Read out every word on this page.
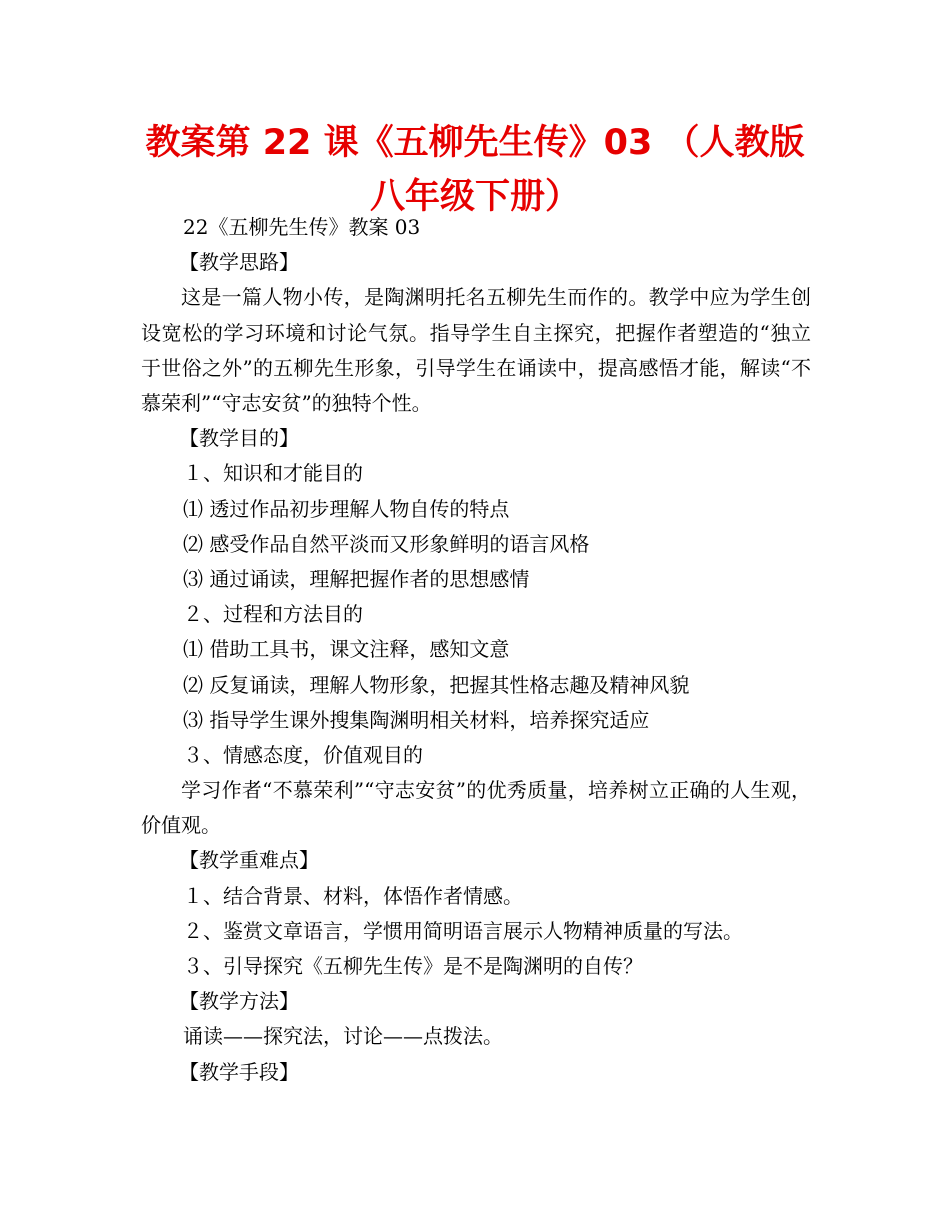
教案第 22 课《五柳先生传》03 （人教版八年级下册）
22《五柳先生传》教案 03
【教学思路】

这是一篇人物小传，是陶渊明托名五柳先生而作的。教学中应为学生创设宽松的学习环境和讨论气氛。指导学生自主探究，把握作者塑造的“独立于世俗之外”的五柳先生形象，引导学生在诵读中，提高感悟才能，解读“不慕荣利”“守志安贫”的独特个性。

【教学目的】
１、知识和才能目的
⑴ 透过作品初步理解人物自传的特点
⑵ 感受作品自然平淡而又形象鲜明的语言风格
⑶ 通过诵读，理解把握作者的思想感情
２、过程和方法目的
⑴ 借助工具书，课文注释，感知文意
⑵ 反复诵读，理解人物形象，把握其性格志趣及精神风貌
⑶ 指导学生课外搜集陶渊明相关材料，培养探究适应
３、情感态度，价值观目的

学习作者“不慕荣利”“守志安贫”的优秀质量，培养树立正确的人生观，价值观。

【教学重难点】
１、结合背景、材料，体悟作者情感。
２、鉴赏文章语言，学惯用简明语言展示人物精神质量的写法。
３、引导探究《五柳先生传》是不是陶渊明的自传？
【教学方法】
诵读——探究法，讨论——点拨法。
【教学手段】
